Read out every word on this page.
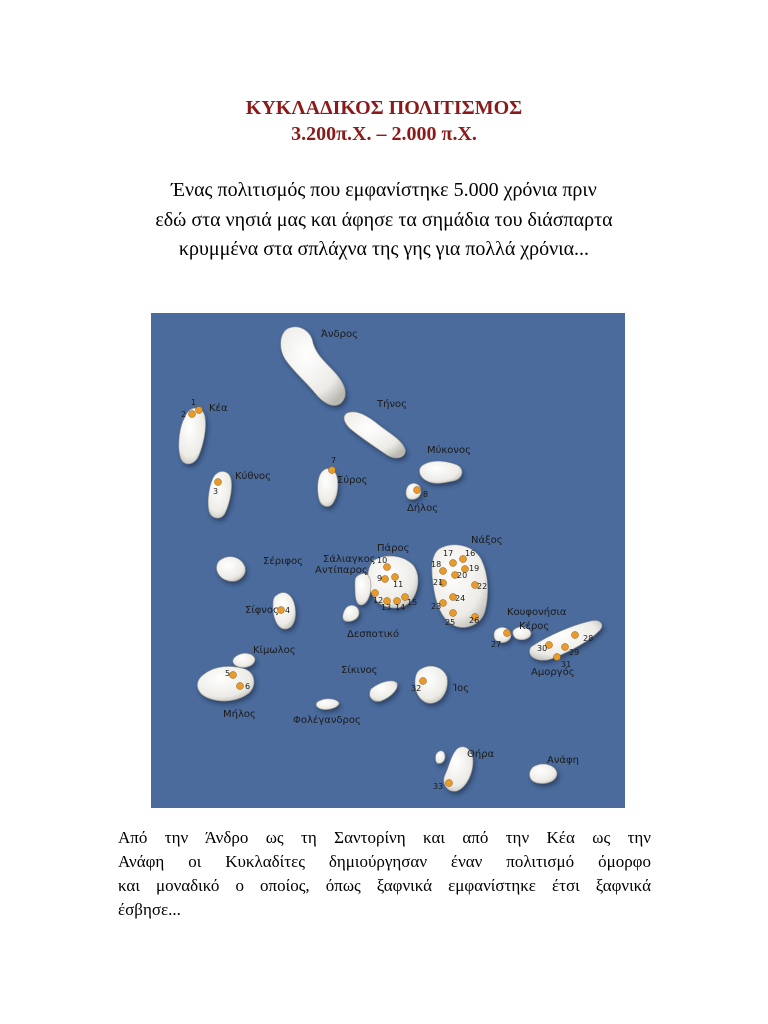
ΚΥΚΛΑΔΙΚΟΣ ΠΟΛΙΤΙΣΜΟΣ
3.200π.Χ. – 2.000 π.Χ.
Ένας πολιτισμός που εμφανίστηκε 5.000 χρόνια πριν
εδώ στα νησιά μας και άφησε τα σημάδια του διάσπαρτα
κρυμμένα στα σπλάχνα της γης για πολλά χρόνια...
Άνδρος
Κέα	Τήνος
Μύκονος
Κύθνος	Σύρος
Δήλος
Νάξος
Πάρος
Σάλιαγκος
Αντίπαρος
Σέριφος
Σίφνος
Δεσποτικό
Κουφονήσια
Κέρος
Αμοργός
Κίμωλος
Σίκινος
Ίος
Μήλος
Φολέγανδρος
Θήρα
Ανάφη
1
2
3
4
5
6
7
8
9
10
11
12
13 14
15
16
17
18	19
20
21	22
23
24
25 26
27
28
29
30
31
32
33
Από την Άνδρο ως τη Σαντορίνη και από την Κέα ως την
Ανάφη οι Κυκλαδίτες δημιούργησαν έναν πολιτισμό όμορφο
και μοναδικό ο οποίος, όπως ξαφνικά εμφανίστηκε έτσι ξαφνικά
έσβησε...
